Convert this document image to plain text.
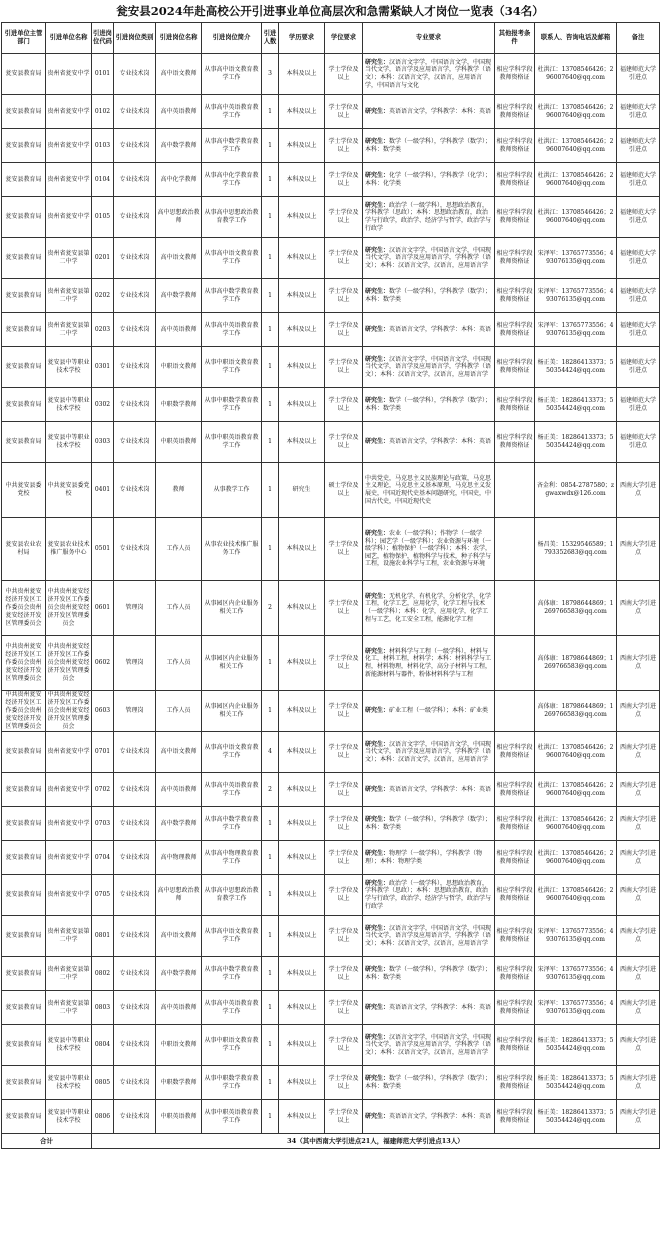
瓮安县2024年赴高校公开引进事业单位高层次和急需紧缺人才岗位一览表（34名）
引进单位主管部门	引进单位名称	引进岗位代码	引进岗位类别	引进岗位名称	引进岗位简介	引进人数	学历要求	学位要求	专业要求	其他报考条件	联系人、咨询电话及邮箱	备注
瓮安县教育局	贵州省瓮安中学	0101	专业技术岗	高中语文教师	从事高中语文教育教学工作	3	本科及以上	学士学位及以上	研究生：汉语言文字学，中国语言文学，中国现当代文学，语言学及应用语言学，学科教学（语文）；本科：汉语言文学，汉语言，应用语言学，中国语言与文化	相应学科学段教师资格证	杜洪江：13708546426；29600764​0@qq.com	福建师范大学引进点
瓮安县教育局	贵州省瓮安中学	0102	专业技术岗	高中英语教师	从事高中英语教育教学工作	1	本科及以上	学士学位及以上	研究生：英语语言文学，学科教学：本科：英语	相应学科学段教师资格证	杜洪江：13708546426；296007640@qq.com	福建师范大学引进点
瓮安县教育局	贵州省瓮安中学	0103	专业技术岗	高中数学教师	从事高中数学教育教学工作	1	本科及以上	学士学位及以上	研究生：数学（一级学科），学科教学（数学）；本科：数学类	相应学科学段教师资格证	杜洪江：13708546426；296007640@qq.com	福建师范大学引进点
瓮安县教育局	贵州省瓮安中学	0104	专业技术岗	高中化学教师	从事高中化学教育教学工作	1	本科及以上	学士学位及以上	研究生：化学（一级学科），学科教学（化学）；本科：化学类	相应学科学段教师资格证	杜洪江：13708546426；296007640@qq.com	福建师范大学引进点
瓮安县教育局	贵州省瓮安中学	0105	专业技术岗	高中思想政治教师	从事高中思想政治教育教学工作	1	本科及以上	学士学位及以上	研究生：政治学（一级学科），思想政治教育，学科教学（思政）；本科：思想政治教育，政治学与行政学，政治学、经济学与哲学，政治学与行政学	相应学科学段教师资格证	杜洪江：13708546426；296007640@qq.com	福建师范大学引进点
瓮安县教育局	贵州省瓮安县第二中学	0201	专业技术岗	高中语文教师	从事高中语文教育教学工作	1	本科及以上	学士学位及以上	研究生：汉语言文字学，中国语言文学，中国现当代文学，语言学及应用语言学，学科教学（语文）；本科：汉语言文学，汉语言，应用语言学	相应学科学段教师资格证	宋泽军：13765773556；493076135@qq.com	福建师范大学引进点
瓮安县教育局	贵州省瓮安县第二中学	0202	专业技术岗	高中数学教师	从事高中数学教育教学工作	1	本科及以上	学士学位及以上	研究生：数学（一级学科），学科教学（数学）；本科：数学类	相应学科学段教师资格证	宋泽军：13765773556；493076135@qq.com	福建师范大学引进点
瓮安县教育局	贵州省瓮安县第二中学	0203	专业技术岗	高中英语教师	从事高中英语教育教学工作	1	本科及以上	学士学位及以上	研究生：英语语言文学，学科教学：本科：英语	相应学科学段教师资格证	宋泽军：13765773556；493076135@qq.com	福建师范大学引进点
瓮安县教育局	瓮安县中等职业技术学校	0301	专业技术岗	中职语文教师	从事中职语文教育教学工作	1	本科及以上	学士学位及以上	研究生：汉语言文字学，中国语言文学，中国现当代文学，语言学及应用语言学，学科教学（语文）；本科：汉语言文学，汉语言，应用语言学	相应学科学段教师资格证	杨正美：18286413373；550354424@qq.com	福建师范大学引进点
瓮安县教育局	瓮安县中等职业技术学校	0302	专业技术岗	中职数学教师	从事中职数学教育教学工作	1	本科及以上	学士学位及以上	研究生：数学（一级学科），学科教学（数学）；本科：数学类	相应学科学段教师资格证	杨正美：18286413373；550354424@qq.com	福建师范大学引进点
瓮安县教育局	瓮安县中等职业技术学校	0303	专业技术岗	中职英语教师	从事中职英语教育教学工作	1	本科及以上	学士学位及以上	研究生：英语语言文学，学科教学：本科：英语	相应学科学段教师资格证	杨正美：18286413373；550354424@qq.com	福建师范大学引进点
中共瓮安县委党校	中共瓮安县委党校	0401	专业技术岗	教师	从事教学工作	1	研究生	硕士学位及以上	中共党史，马克思主义民族理论与政策，马克思主义理论，马克思主义基本原理，马克思主义发展史，中国近现代史基本问题研究，中国史，中国古代史，中国近现代史		吝金利：0854-2787580；zgwaxwdx@126.com	西南大学引进点
瓮安县农业农村局	瓮安县农业技术推广服务中心	0501	专业技术岗	工作人员	从事农业技术推广服务工作	1	本科及以上	学士学位及以上	研究生：农业（一级学科）；作物学（一级学科）；园艺学（一级学科）；农业资源与环境（一级学科）；植物保护（一级学科）；本科：农学，园艺，植物保护，植物科学与技术，种子科学与工程，设施农业科学与工程，农业资源与环境		杨昌美：15329546589；1793352683@qq.com	西南大学引进点
中共贵州瓮安经济开发区工作委员会贵州瓮安经济开发区管理委员会	中共贵州瓮安经济开发区工作委员会贵州瓮安经济开发区管理委员会	0601	管理岗	工作人员	从事园区内企业服务相关工作	2	本科及以上	学士学位及以上	研究生：无机化学，有机化学，分析化学，化学工程，化学工艺，应用化学，化学工程与技术（一级学科）；本科：化学，应用化学，化学工程与工艺，化工安全工程，能源化学工程		高体康：18798644869；1269766583@qq.com	西南大学引进点
中共贵州瓮安经济开发区工作委员会贵州瓮安经济开发区管理委员会	中共贵州瓮安经济开发区工作委员会贵州瓮安经济开发区管理委员会	0602	管理岗	工作人员	从事园区内企业服务相关工作	1	本科及以上	学士学位及以上	研究生：材料科学与工程（一级学科），材料与化工，材料工程，材料学；本科：材料科学与工程，材料物理，材料化学，高分子材料与工程，新能源材料与器件，粉体材料科学与工程		高体康：18798644869；1269766583@qq.com	西南大学引进点
中共贵州瓮安经济开发区工作委员会贵州瓮安经济开发区管理委员会	中共贵州瓮安经济开发区工作委员会贵州瓮安经济开发区管理委员会	0603	管理岗	工作人员	从事园区内企业服务相关工作	1	本科及以上	学士学位及以上	研究生：矿业工程（一级学科）；本科：矿业类		高体康：18798644869；1269766583@qq.com	西南大学引进点
瓮安县教育局	贵州省瓮安中学	0701	专业技术岗	高中语文教师	从事高中语文教育教学工作	4	本科及以上	学士学位及以上	研究生：汉语言文字学，中国语言文学，中国现当代文学，语言学及应用语言学，学科教学（语文）；本科：汉语言文学，汉语言，应用语言学	相应学科学段教师资格证	杜洪江：13708546426；296007640@qq.com	西南大学引进点
瓮安县教育局	贵州省瓮安中学	0702	专业技术岗	高中英语教师	从事高中英语教育教学工作	2	本科及以上	学士学位及以上	研究生：英语语言文学，学科教学：本科：英语	相应学科学段教师资格证	杜洪江：13708546426；296007640@qq.com	西南大学引进点
瓮安县教育局	贵州省瓮安中学	0703	专业技术岗	高中数学教师	从事高中数学教育教学工作	1	本科及以上	学士学位及以上	研究生：数学（一级学科），学科教学（数学）；本科：数学类	相应学科学段教师资格证	杜洪江：13708546426；296007640@qq.com	西南大学引进点
瓮安县教育局	贵州省瓮安中学	0704	专业技术岗	高中物理教师	从事高中物理教育教学工作	1	本科及以上	学士学位及以上	研究生：物理学（一级学科），学科教学（物理）；本科：物理学类	相应学科学段教师资格证	杜洪江：13708546426；296007640@qq.com	西南大学引进点
瓮安县教育局	贵州省瓮安中学	0705	专业技术岗	高中思想政治教师	从事高中思想政治教育教学工作	1	本科及以上	学士学位及以上	研究生：政治学（一级学科），思想政治教育，学科教学（思政）；本科：思想政治教育，政治学与行政学，政治学、经济学与哲学，政治学与行政学	相应学科学段教师资格证	杜洪江：13708546426；296007640@qq.com	西南大学引进点
瓮安县教育局	贵州省瓮安县第二中学	0801	专业技术岗	高中语文教师	从事高中语文教育教学工作	1	本科及以上	学士学位及以上	研究生：汉语言文字学，中国语言文学，中国现当代文学，语言学及应用语言学，学科教学（语文）；本科：汉语言文学，汉语言，应用语言学	相应学科学段教师资格证	宋泽军：13765773556；493076135@qq.com	西南大学引进点
瓮安县教育局	贵州省瓮安县第二中学	0802	专业技术岗	高中数学教师	从事高中数学教育教学工作	1	本科及以上	学士学位及以上	研究生：数学（一级学科），学科教学（数学）；本科：数学类	相应学科学段教师资格证	宋泽军：13765773556；493076135@qq.com	西南大学引进点
瓮安县教育局	贵州省瓮安县第二中学	0803	专业技术岗	高中英语教师	从事高中英语教育教学工作	1	本科及以上	学士学位及以上	研究生：英语语言文学，学科教学：本科：英语	相应学科学段教师资格证	宋泽军：13765773556；493076135@qq.com	西南大学引进点
瓮安县教育局	瓮安县中等职业技术学校	0804	专业技术岗	中职语文教师	从事中职语文教育教学工作	1	本科及以上	学士学位及以上	研究生：汉语言文字学，中国语言文学，中国现当代文学，语言学及应用语言学，学科教学（语文）；本科：汉语言文学，汉语言，应用语言学	相应学科学段教师资格证	杨正美：18286413373；550354424@qq.com	西南大学引进点
瓮安县教育局	瓮安县中等职业技术学校	0805	专业技术岗	中职数学教师	从事中职数学教育教学工作	1	本科及以上	学士学位及以上	研究生：数学（一级学科），学科教学（数学）；本科：数学类	相应学科学段教师资格证	杨正美：18286413373；550354424@qq.com	西南大学引进点
瓮安县教育局	瓮安县中等职业技术学校	0806	专业技术岗	中职英语教师	从事中职英语教育教学工作	1	本科及以上	学士学位及以上	研究生：英语语言文学，学科教学：本科：英语	相应学科学段教师资格证	杨正美：18286413373；550354424@qq.com	西南大学引进点
合计		34（其中西南大学引进点21人，福建师范大学引进点13人）										
